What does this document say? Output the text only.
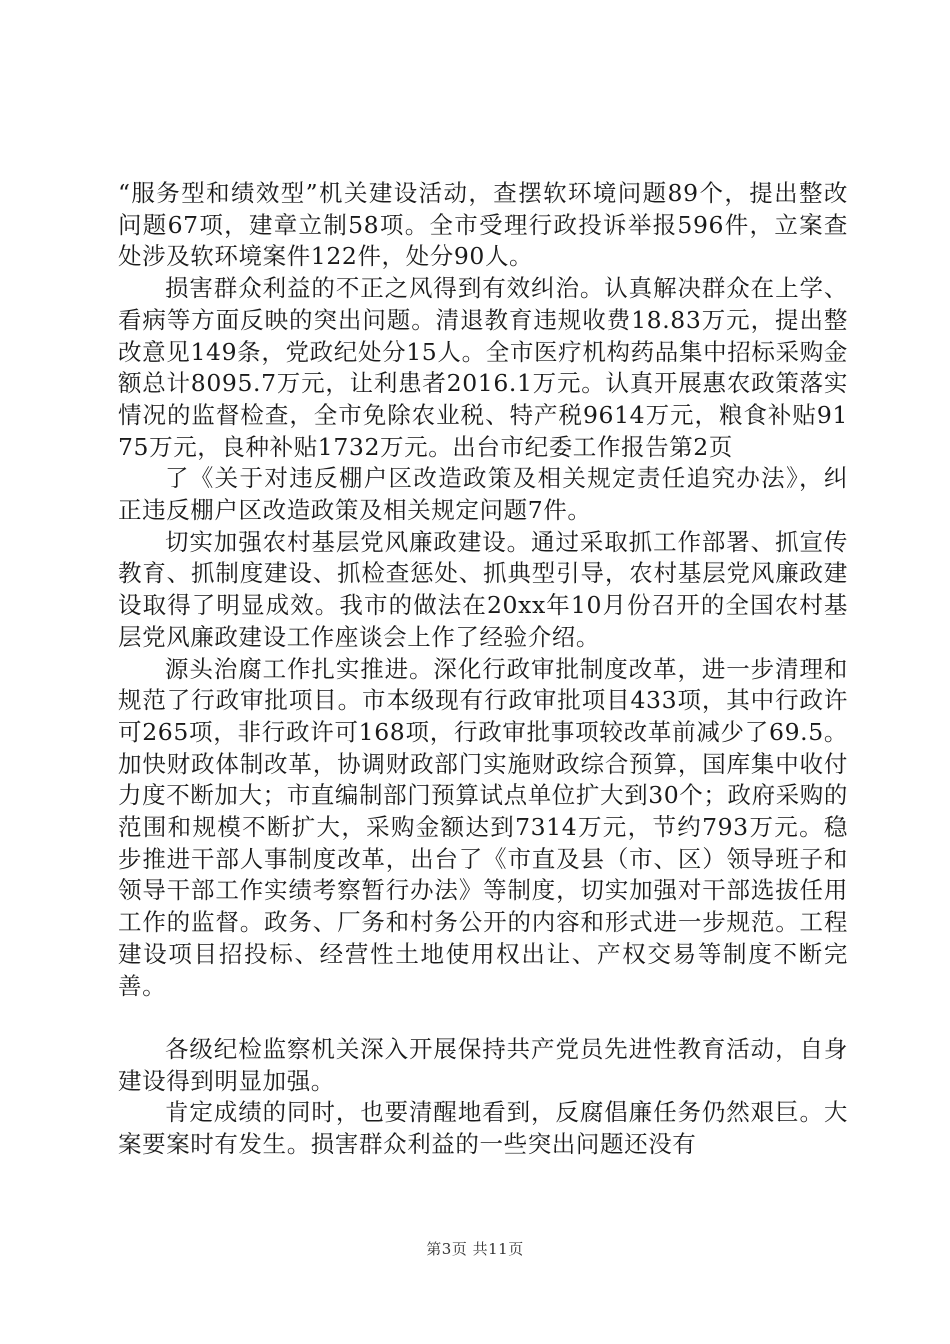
“服务型和绩效型”机关建设活动，查摆软环境问题89个，提出整改问题67项，建章立制58项。全市受理行政投诉举报596件，立案查处涉及软环境案件122件，处分90人。

损害群众利益的不正之风得到有效纠治。认真解决群众在上学、看病等方面反映的突出问题。清退教育违规收费18.83万元，提出整改意见149条，党政纪处分15人。全市医疗机构药品集中招标采购金额总计8095.7万元，让利患者2016.1万元。认真开展惠农政策落实情况的监督检查，全市免除农业税、特产税9614万元，粮食补贴9175万元，良种补贴1732万元。出台市纪委工作报告第2页

了《关于对违反棚户区改造政策及相关规定责任追究办法》，纠正违反棚户区改造政策及相关规定问题7件。

切实加强农村基层党风廉政建设。通过采取抓工作部署、抓宣传教育、抓制度建设、抓检查惩处、抓典型引导，农村基层党风廉政建设取得了明显成效。我市的做法在20xx年10月份召开的全国农村基层党风廉政建设工作座谈会上作了经验介绍。

源头治腐工作扎实推进。深化行政审批制度改革，进一步清理和规范了行政审批项目。市本级现有行政审批项目433项，其中行政许可265项，非行政许可168项，行政审批事项较改革前减少了69.5。加快财政体制改革，协调财政部门实施财政综合预算，国库集中收付力度不断加大；市直编制部门预算试点单位扩大到30个；政府采购的范围和规模不断扩大，采购金额达到7314万元，节约793万元。稳步推进干部人事制度改革，出台了《市直及县（市、区）领导班子和领导干部工作实绩考察暂行办法》等制度，切实加强对干部选拔任用工作的监督。政务、厂务和村务公开的内容和形式进一步规范。工程建设项目招投标、经营性土地使用权出让、产权交易等制度不断完善。

各级纪检监察机关深入开展保持共产党员先进性教育活动，自身建设得到明显加强。

肯定成绩的同时，也要清醒地看到，反腐倡廉任务仍然艰巨。大案要案时有发生。损害群众利益的一些突出问题还没有

第3页 共11页
